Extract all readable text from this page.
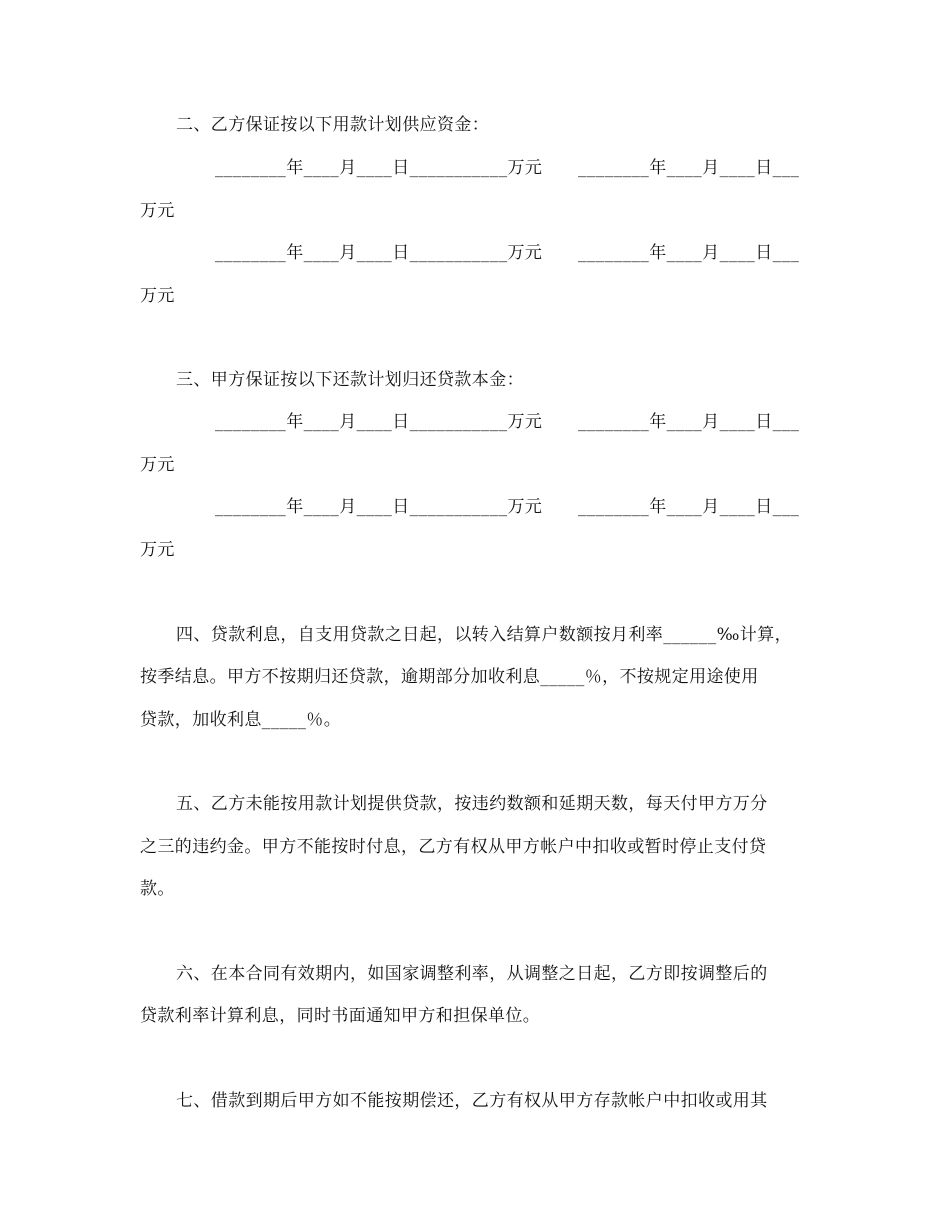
二、乙方保证按以下用款计划供应资金：
________年____月____日___________万元 ________年____月____日___
万元
________年____月____日___________万元 ________年____月____日___
万元
三、甲方保证按以下还款计划归还贷款本金：
________年____月____日___________万元 ________年____月____日___
万元
________年____月____日___________万元 ________年____月____日___
万元
四、贷款利息，自支用贷款之日起，以转入结算户数额按月利率______‰计算，
按季结息。甲方不按期归还贷款，逾期部分加收利息_____％，不按规定用途使用
贷款，加收利息_____％。
五、乙方未能按用款计划提供贷款，按违约数额和延期天数，每天付甲方万分
之三的违约金。甲方不能按时付息，乙方有权从甲方帐户中扣收或暂时停止支付贷
款。
六、在本合同有效期内，如国家调整利率，从调整之日起，乙方即按调整后的
贷款利率计算利息，同时书面通知甲方和担保单位。
七、借款到期后甲方如不能按期偿还，乙方有权从甲方存款帐户中扣收或用其
